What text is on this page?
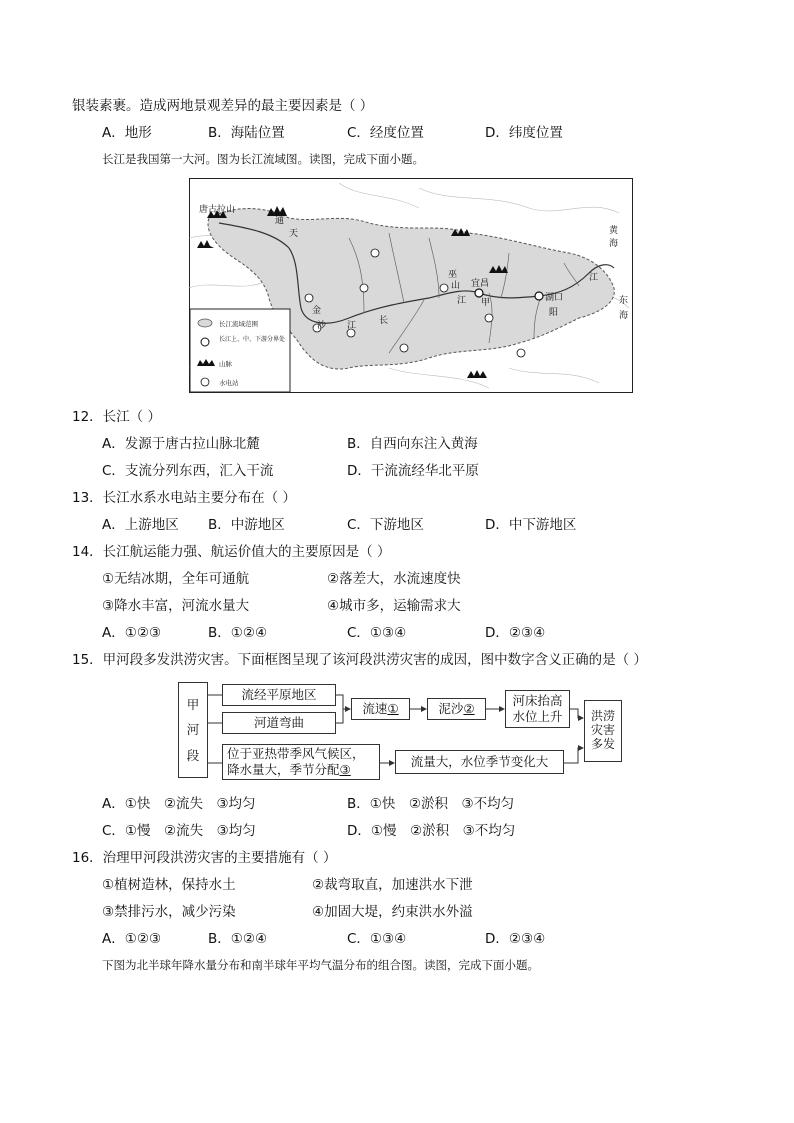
银装素裹。造成两地景观差异的最主要因素是（ ）
A．地形	B．海陆位置	C．经度位置	D．纬度位置
长江是我国第一大河。图为长江流域图。读图，完成下面小题。
唐古拉山
通
天
金
沙 江	长
宜昌
巫
山
江 甲	湖口
江
阳
黄
海
东
海
长江流域范围
长江上、中、下游分界处
山脉
水电站
12．长江（ ）
A．发源于唐古拉山脉北麓	B．自西向东注入黄海
C．支流分列东西，汇入干流	D．干流流经华北平原
13．长江水系水电站主要分布在（ ）
A．上游地区 B．中游地区	C．下游地区	D．中下游地区
14．长江航运能力强、航运价值大的主要原因是（ ）
①无结冰期，全年可通航	②落差大，水流速度快
③降水丰富，河流水量大	④城市多，运输需求大
A．①②③	B．①②④	C．①③④	D．②③④
15．甲河段多发洪涝灾害。下面框图呈现了该河段洪涝灾害的成因，图中数字含义正确的是（ ）
甲
河
段
流经平原地区
河道弯曲
位于亚热带季风气候区，
降水量大，季节分配③
流速 ①	泥沙 ②
河床抬高
水位上升
流量大，水位季节变化大
洪涝
灾害
多发
A．①快　②流失　③均匀	B．①快　②淤积　③不均匀
C．①慢　②流失　③均匀	D．①慢　②淤积　③不均匀
16．治理甲河段洪涝灾害的主要措施有（ ）
①植树造林，保持水土	②裁弯取直，加速洪水下泄
③禁排污水，减少污染	④加固大堤，约束洪水外溢
A．①②③	B．①②④	C．①③④	D．②③④
下图为北半球年降水量分布和南半球年平均气温分布的组合图。读图，完成下面小题。
